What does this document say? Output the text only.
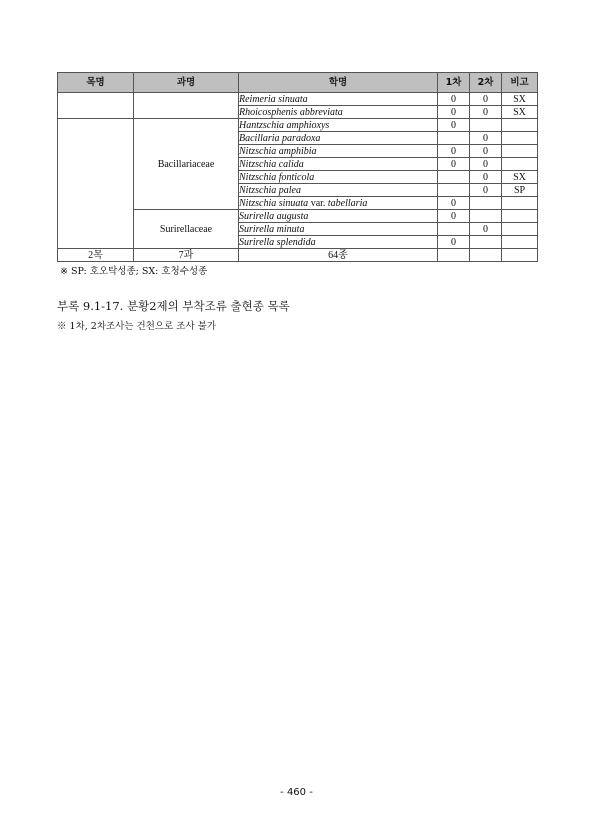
목명	과명	학명	1차	2차	비고
		Reimeria sinuata	0	0	SX
		Rhoicosphenis abbreviata	0	0	SX
	Bacillariaceae	Hantzschia amphioxys	0		
		Bacillaria paradoxa		0	
		Nitzschia amphibia	0	0	
		Nitzschia calida	0	0	
		Nitzschia fonticola		0	SX
		Nitzschia palea		0	SP
		Nitzschia sinuata var. tabellaria	0		
	Surirellaceae	Surirella augusta	0		
		Surirella minuta		0	
		Surirella splendida	0		
2목	7과	64종			
※ SP: 호오탁성종; SX: 호청수성종
부록 9.1-17. 분황2제의 부착조류 출현종 목록
※ 1차, 2차조사는 건천으로 조사 불가
- 460 -
